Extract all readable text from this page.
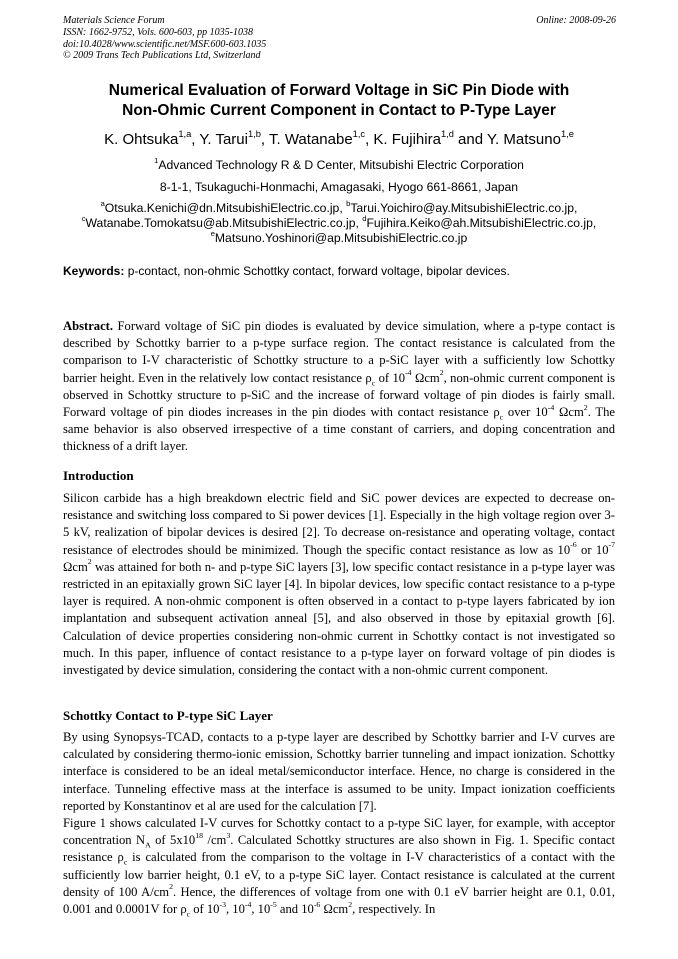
Materials Science Forum
ISSN: 1662-9752, Vols. 600-603, pp 1035-1038
doi:10.4028/www.scientific.net/MSF.600-603.1035
© 2009 Trans Tech Publications Ltd, Switzerland
Online: 2008-09-26
Numerical Evaluation of Forward Voltage in SiC Pin Diode with
Non-Ohmic Current Component in Contact to P-Type Layer
K. Ohtsuka$^{1,a}$, Y. Tarui$^{1,b}$, T. Watanabe$^{1,c}$, K. Fujihira$^{1,d}$ and Y. Matsuno$^{1,e}$
$^1$Advanced Technology R & D Center, Mitsubishi Electric Corporation
8-1-1, Tsukaguchi-Honmachi, Amagasaki, Hyogo 661-8661, Japan
$^a$Otsuka.Kenichi@dn.MitsubishiElectric.co.jp, $^b$Tarui.Yoichiro@ay.MitsubishiElectric.co.jp,
$^c$Watanabe.Tomokatsu@ab.MitsubishiElectric.co.jp, $^d$Fujihira.Keiko@ah.MitsubishiElectric.co.jp,
$^e$Matsuno.Yoshinori@ap.MitsubishiElectric.co.jp
Keywords: p-contact, non-ohmic Schottky contact, forward voltage, bipolar devices.
Abstract. Forward voltage of SiC pin diodes is evaluated by device simulation, where a p-type contact is described by Schottky barrier to a p-type surface region. The contact resistance is calculated from the comparison to I-V characteristic of Schottky structure to a p-SiC layer with a sufficiently low Schottky barrier height. Even in the relatively low contact resistance $\rho_c$ of $10^{-4}$ Ωcm$^2$, non-ohmic current component is observed in Schottky structure to p-SiC and the increase of forward voltage of pin diodes is fairly small. Forward voltage of pin diodes increases in the pin diodes with contact resistance $\rho_c$ over $10^{-4}$ Ωcm$^2$. The same behavior is also observed irrespective of a time constant of carriers, and doping concentration and thickness of a drift layer.
Introduction
Silicon carbide has a high breakdown electric field and SiC power devices are expected to decrease on-resistance and switching loss compared to Si power devices [1]. Especially in the high voltage region over 3-5 kV, realization of bipolar devices is desired [2]. To decrease on-resistance and operating voltage, contact resistance of electrodes should be minimized. Though the specific contact resistance as low as $10^{-6}$ or $10^{-7}$ Ωcm$^2$ was attained for both n- and p-type SiC layers [3], low specific contact resistance in a p-type layer was restricted in an epitaxially grown SiC layer [4]. In bipolar devices, low specific contact resistance to a p-type layer is required. A non-ohmic component is often observed in a contact to p-type layers fabricated by ion implantation and subsequent activation anneal [5], and also observed in those by epitaxial growth [6]. Calculation of device properties considering non-ohmic current in Schottky contact is not investigated so much. In this paper, influence of contact resistance to a p-type layer on forward voltage of pin diodes is investigated by device simulation, considering the contact with a non-ohmic current component.
Schottky Contact to P-type SiC Layer
By using Synopsys-TCAD, contacts to a p-type layer are described by Schottky barrier and I-V curves are calculated by considering thermo-ionic emission, Schottky barrier tunneling and impact ionization. Schottky interface is considered to be an ideal metal/semiconductor interface. Hence, no charge is considered in the interface. Tunneling effective mass at the interface is assumed to be unity. Impact ionization coefficients reported by Konstantinov et al are used for the calculation [7].
Figure 1 shows calculated I-V curves for Schottky contact to a p-type SiC layer, for example, with acceptor concentration $N_A$ of $5x10^{18}$ $/cm^3$. Calculated Schottky structures are also shown in Fig. 1. Specific contact resistance $\rho_c$ is calculated from the comparison to the voltage in I-V characteristics of a contact with the sufficiently low barrier height, 0.1 eV, to a p-type SiC layer. Contact resistance is calculated at the current density of 100 $A/cm^2$. Hence, the differences of voltage from one with 0.1 eV barrier height are 0.1, 0.01, 0.001 and 0.0001V for $\rho_c$ of $10^{-3}$, $10^{-4}$, $10^{-5}$ and $10^{-6}$ Ωcm$^2$, respectively. In
